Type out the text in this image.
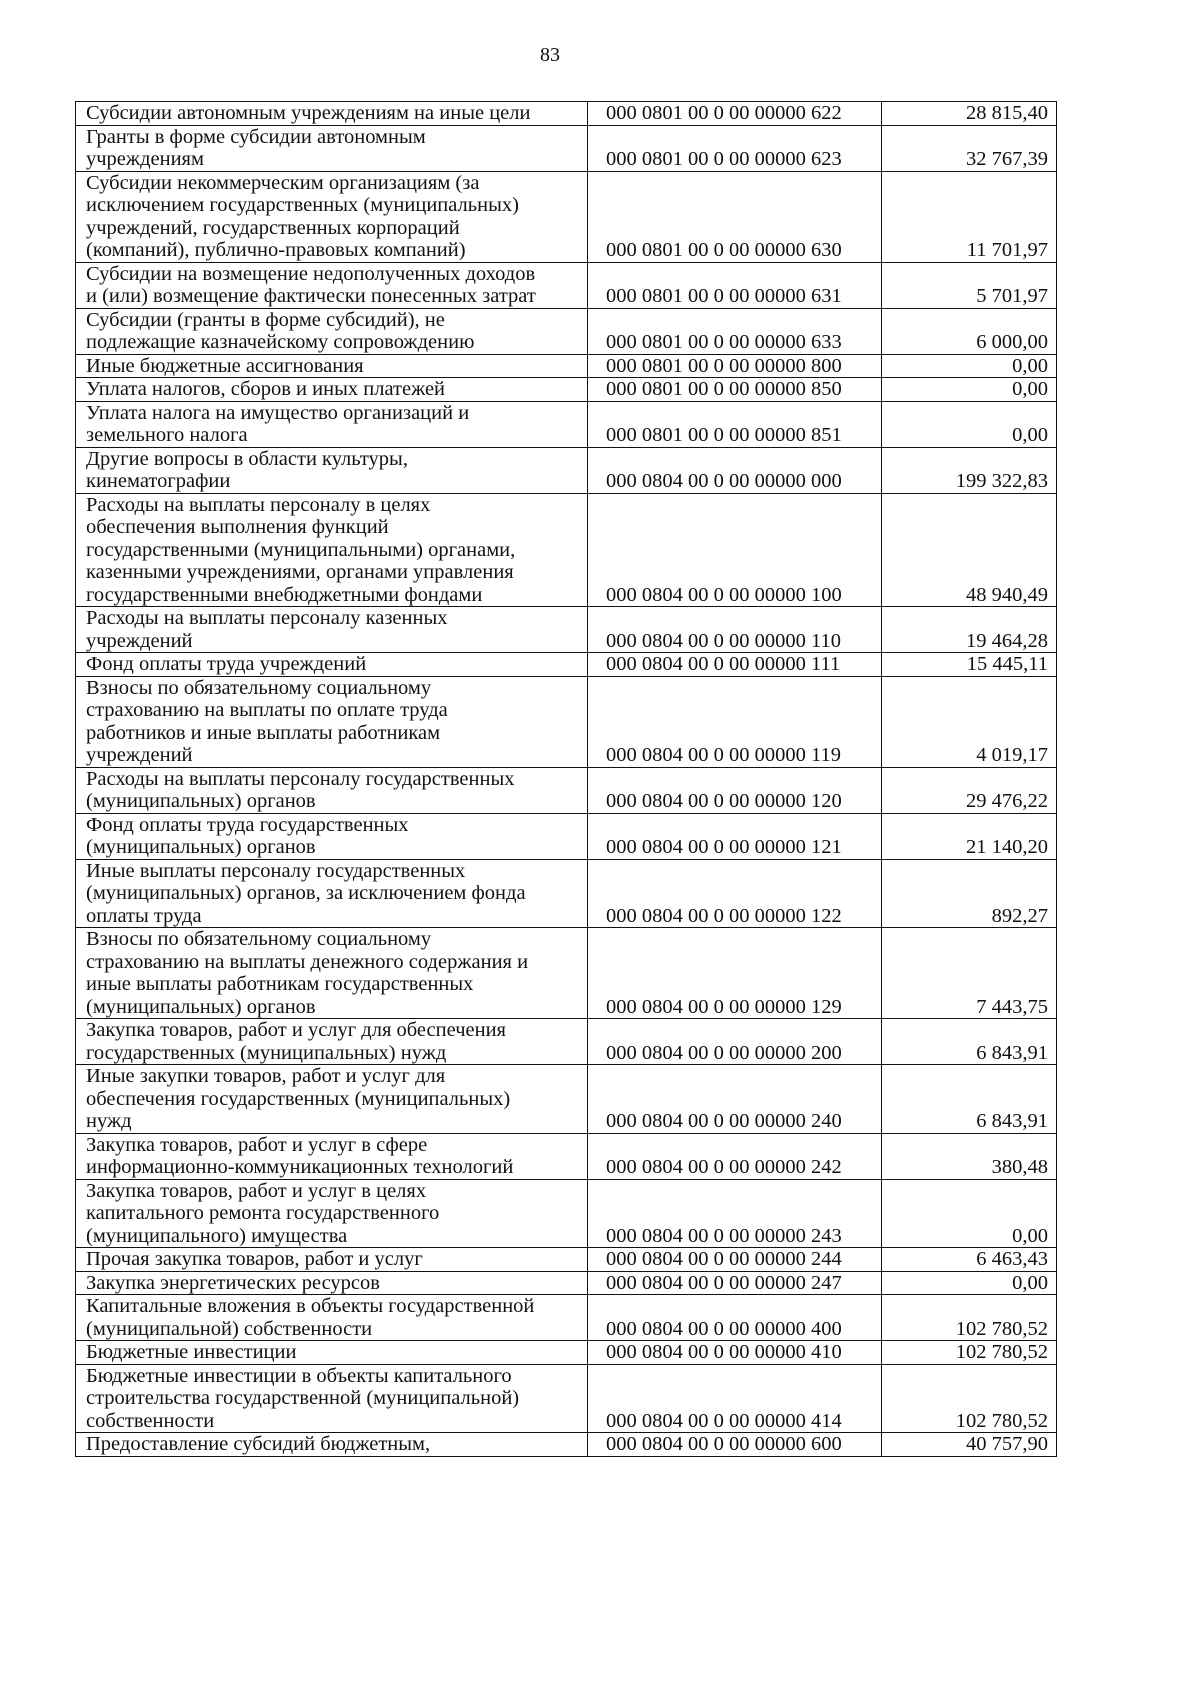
83
Субсидии автономным учреждениям на иные цели	000 0801 00 0 00 00000 622	28 815,40
Гранты в форме субсидии автономным
учреждениям	000 0801 00 0 00 00000 623	32 767,39
Субсидии некоммерческим организациям (за
исключением государственных (муниципальных)
учреждений, государственных корпораций
(компаний), публично-правовых компаний)	000 0801 00 0 00 00000 630	11 701,97
Субсидии на возмещение недополученных доходов
и (или) возмещение фактически понесенных затрат	000 0801 00 0 00 00000 631	5 701,97
Субсидии (гранты в форме субсидий), не
подлежащие казначейскому сопровождению	000 0801 00 0 00 00000 633	6 000,00
Иные бюджетные ассигнования	000 0801 00 0 00 00000 800	0,00
Уплата налогов, сборов и иных платежей	000 0801 00 0 00 00000 850	0,00
Уплата налога на имущество организаций и
земельного налога	000 0801 00 0 00 00000 851	0,00
Другие вопросы в области культуры,
кинематографии	000 0804 00 0 00 00000 000	199 322,83
Расходы на выплаты персоналу в целях
обеспечения выполнения функций
государственными (муниципальными) органами,
казенными учреждениями, органами управления
государственными внебюджетными фондами	000 0804 00 0 00 00000 100	48 940,49
Расходы на выплаты персоналу казенных
учреждений	000 0804 00 0 00 00000 110	19 464,28
Фонд оплаты труда учреждений	000 0804 00 0 00 00000 111	15 445,11
Взносы по обязательному социальному
страхованию на выплаты по оплате труда
работников и иные выплаты работникам
учреждений	000 0804 00 0 00 00000 119	4 019,17
Расходы на выплаты персоналу государственных
(муниципальных) органов	000 0804 00 0 00 00000 120	29 476,22
Фонд оплаты труда государственных
(муниципальных) органов	000 0804 00 0 00 00000 121	21 140,20
Иные выплаты персоналу государственных
(муниципальных) органов, за исключением фонда
оплаты труда	000 0804 00 0 00 00000 122	892,27
Взносы по обязательному социальному
страхованию на выплаты денежного содержания и
иные выплаты работникам государственных
(муниципальных) органов	000 0804 00 0 00 00000 129	7 443,75
Закупка товаров, работ и услуг для обеспечения
государственных (муниципальных) нужд	000 0804 00 0 00 00000 200	6 843,91
Иные закупки товаров, работ и услуг для
обеспечения государственных (муниципальных)
нужд	000 0804 00 0 00 00000 240	6 843,91
Закупка товаров, работ и услуг в сфере
информационно-коммуникационных технологий	000 0804 00 0 00 00000 242	380,48
Закупка товаров, работ и услуг в целях
капитального ремонта государственного
(муниципального) имущества	000 0804 00 0 00 00000 243	0,00
Прочая закупка товаров, работ и услуг	000 0804 00 0 00 00000 244	6 463,43
Закупка энергетических ресурсов	000 0804 00 0 00 00000 247	0,00
Капитальные вложения в объекты государственной
(муниципальной) собственности	000 0804 00 0 00 00000 400	102 780,52
Бюджетные инвестиции	000 0804 00 0 00 00000 410	102 780,52
Бюджетные инвестиции в объекты капитального
строительства государственной (муниципальной)
собственности	000 0804 00 0 00 00000 414	102 780,52
Предоставление субсидий бюджетным,	000 0804 00 0 00 00000 600	40 757,90
